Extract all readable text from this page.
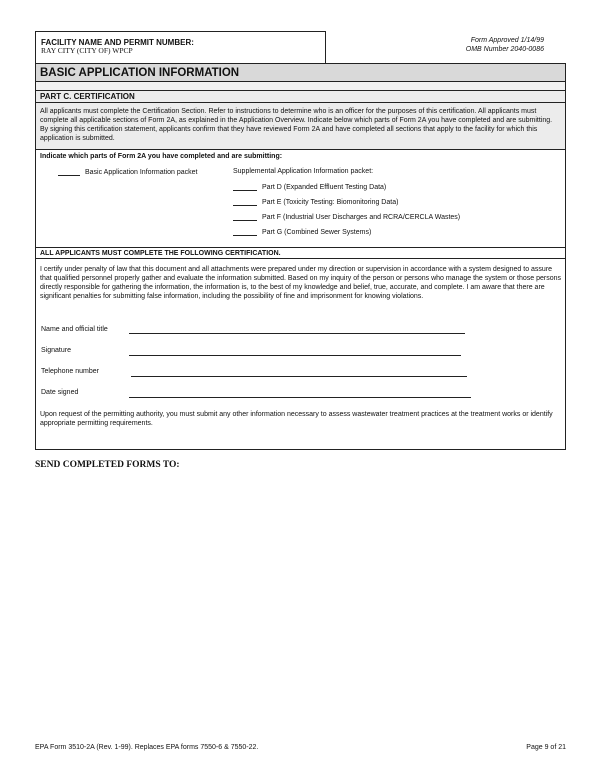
FACILITY NAME AND PERMIT NUMBER:
RAY CITY (CITY OF) WPCP
Form Approved 1/14/99
OMB Number 2040-0086
BASIC APPLICATION INFORMATION
PART C. CERTIFICATION
All applicants must complete the Certification Section. Refer to instructions to determine who is an officer for the purposes of this certification. All applicants must complete all applicable sections of Form 2A, as explained in the Application Overview. Indicate below which parts of Form 2A you have completed and are submitting. By signing this certification statement, applicants confirm that they have reviewed Form 2A and have completed all sections that apply to the facility for which this application is submitted.
Indicate which parts of Form 2A you have completed and are submitting:
Basic Application Information packet	Supplemental Application Information packet:
Part D (Expanded Effluent Testing Data)
Part E (Toxicity Testing: Biomonitoring Data)
Part F (Industrial User Discharges and RCRA/CERCLA Wastes)
Part G (Combined Sewer Systems)
ALL APPLICANTS MUST COMPLETE THE FOLLOWING CERTIFICATION.
I certify under penalty of law that this document and all attachments were prepared under my direction or supervision in accordance with a system designed to assure that qualified personnel properly gather and evaluate the information submitted. Based on my inquiry of the person or persons who manage the system or those persons directly responsible for gathering the information, the information is, to the best of my knowledge and belief, true, accurate, and complete. I am aware that there are significant penalties for submitting false information, including the possibility of fine and imprisonment for knowing violations.
Name and official title
Signature
Telephone number
Date signed
Upon request of the permitting authority, you must submit any other information necessary to assess wastewater treatment practices at the treatment works or identify appropriate permitting requirements.
SEND COMPLETED FORMS TO:
EPA Form 3510-2A (Rev. 1-99). Replaces EPA forms 7550-6 & 7550-22.	Page 9 of 21
